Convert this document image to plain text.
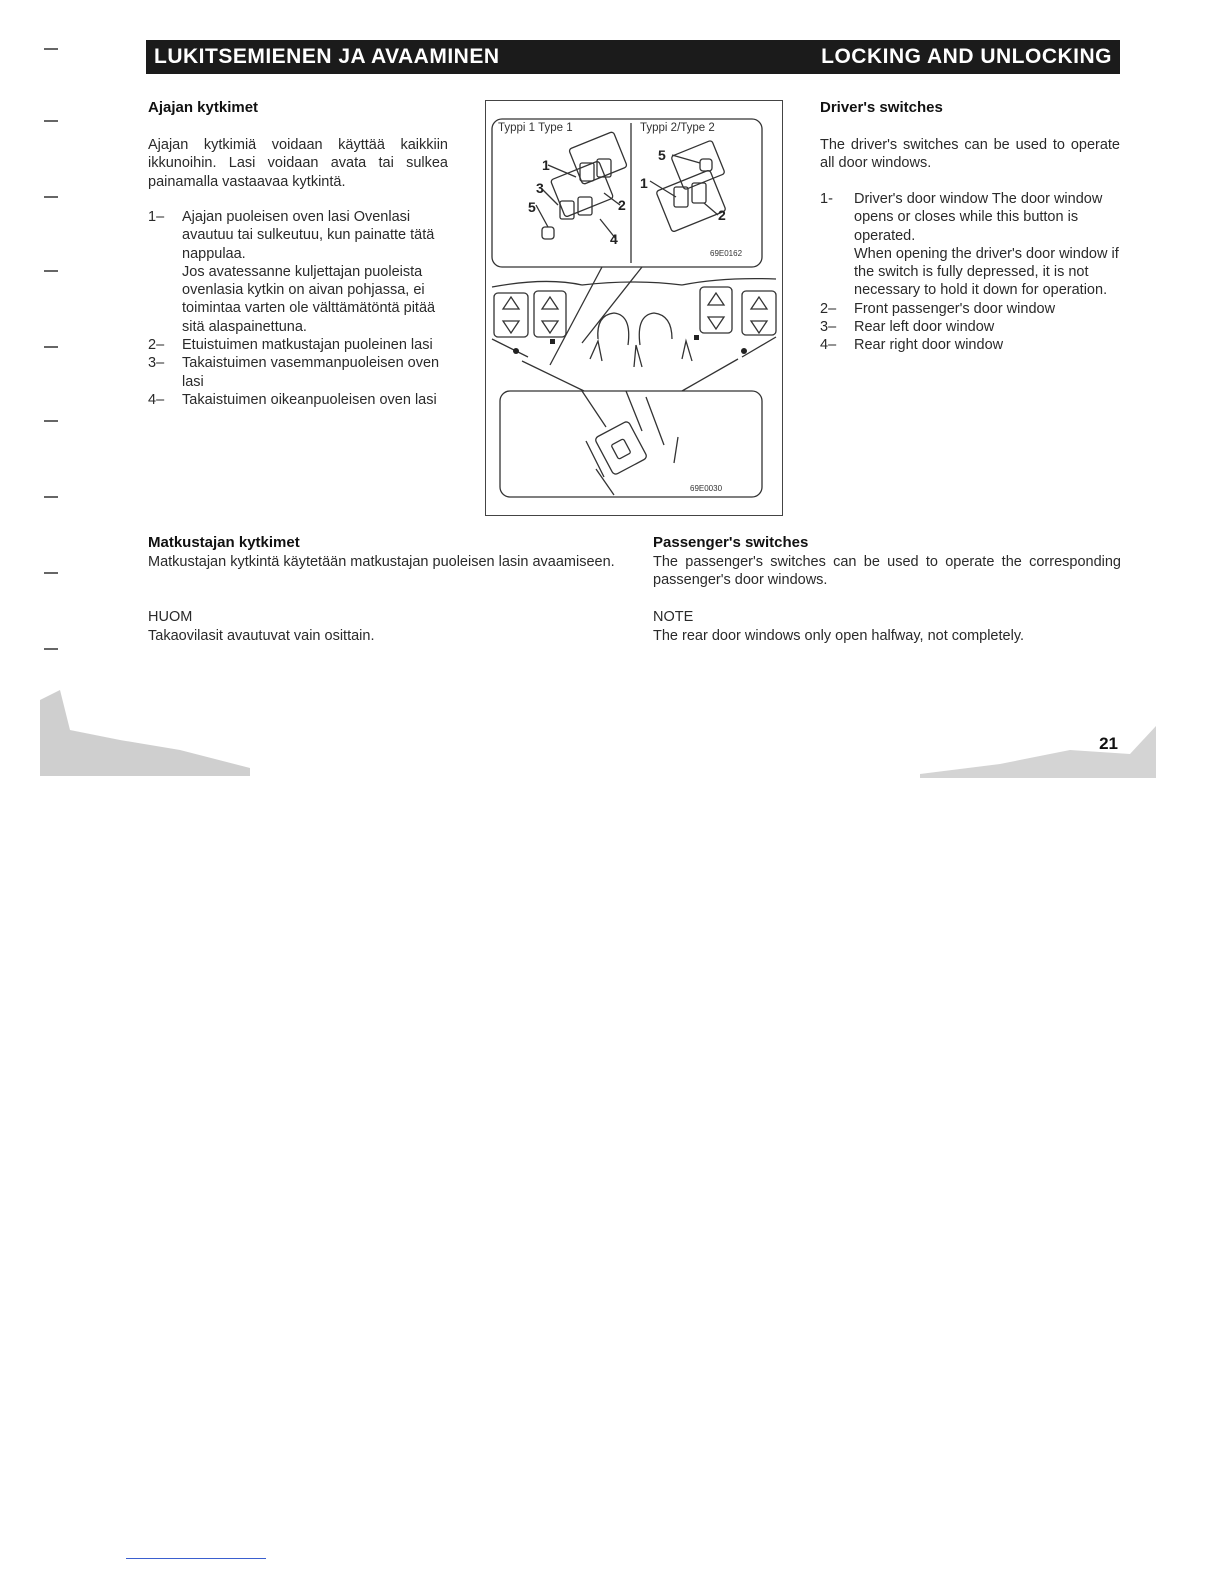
LUKITSEMIENEN JA AVAAMINEN	LOCKING AND UNLOCKING
Ajajan kytkimet
Ajajan kytkimiä voidaan käyttää kaikkiin ikkunoihin. Lasi voidaan avata tai sulkea painamalla vastaavaa kytkintä.
1– Ajajan puoleisen oven lasi Ovenlasi avautuu tai sulkeutuu, kun painatte tätä nappulaa.
Jos avatessanne kuljettajan puoleista ovenlasia kytkin on aivan pohjassa, ei toimintaa varten ole välttämätöntä pitää sitä alaspainettuna.
2– Etuistuimen matkustajan puoleinen lasi
3– Takaistuimen vasemmanpuoleisen oven lasi
4– Takaistuimen oikeanpuoleisen oven lasi
Typpi 1 Type 1	Typpi 2/Type 2
1
3
5	2
4
5
1
2
69E0162
69E0030
Driver's switches
The driver's switches can be used to operate all door windows.
1- Driver's door window The door window opens or closes while this button is operated.
When opening the driver's door window if the switch is fully depressed, it is not necessary to hold it down for operation.
2– Front passenger's door window
3– Rear left door window
4– Rear right door window
Matkustajan kytkimet
Matkustajan kytkintä käytetään matkustajan puoleisen lasin avaamiseen.
HUOM
Takaovilasit avautuvat vain osittain.
Passenger's switches
The passenger's switches can be used to operate the corresponding passenger's door windows.
NOTE
The rear door windows only open halfway, not completely.
21
